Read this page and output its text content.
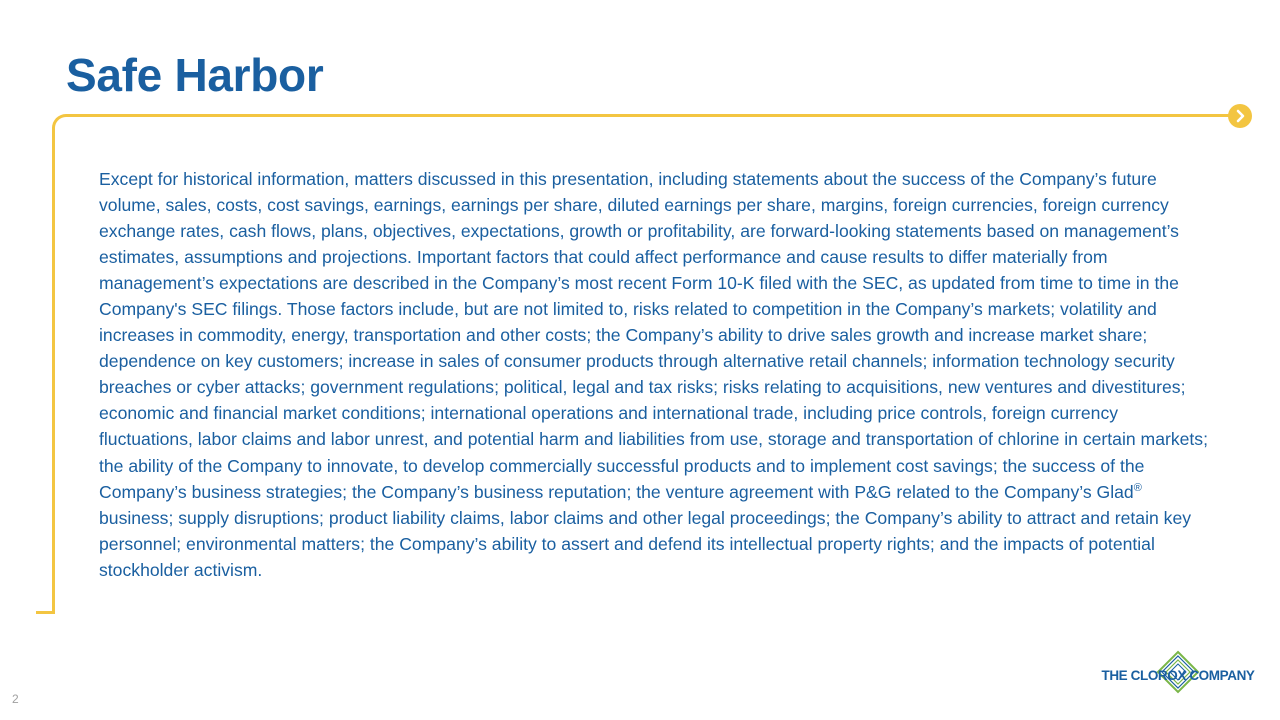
Safe Harbor

Except for historical information, matters discussed in this presentation, including statements about the success of the Company’s future volume, sales, costs, cost savings, earnings, earnings per share, diluted earnings per share, margins, foreign currencies, foreign currency exchange rates, cash flows, plans, objectives, expectations, growth or profitability, are forward-looking statements based on management’s estimates, assumptions and projections. Important factors that could affect performance and cause results to differ materially from management’s expectations are described in the Company’s most recent Form 10-K filed with the SEC, as updated from time to time in the Company's SEC filings. Those factors include, but are not limited to, risks related to competition in the Company’s markets; volatility and increases in commodity, energy, transportation and other costs; the Company’s ability to drive sales growth and increase market share; dependence on key customers; increase in sales of consumer products through alternative retail channels; information technology security breaches or cyber attacks; government regulations; political, legal and tax risks; risks relating to acquisitions, new ventures and divestitures; economic and financial market conditions; international operations and international trade, including price controls, foreign currency fluctuations, labor claims and labor unrest, and potential harm and liabilities from use, storage and transportation of chlorine in certain markets; the ability of the Company to innovate, to develop commercially successful products and to implement cost savings; the success of the Company’s business strategies; the Company’s business reputation; the venture agreement with P&G related to the Company’s Glad® business; supply disruptions; product liability claims, labor claims and other legal proceedings; the Company’s ability to attract and retain key personnel; environmental matters; the Company’s ability to assert and defend its intellectual property rights; and the impacts of potential stockholder activism.

THE CLOROX COMPANY
2
